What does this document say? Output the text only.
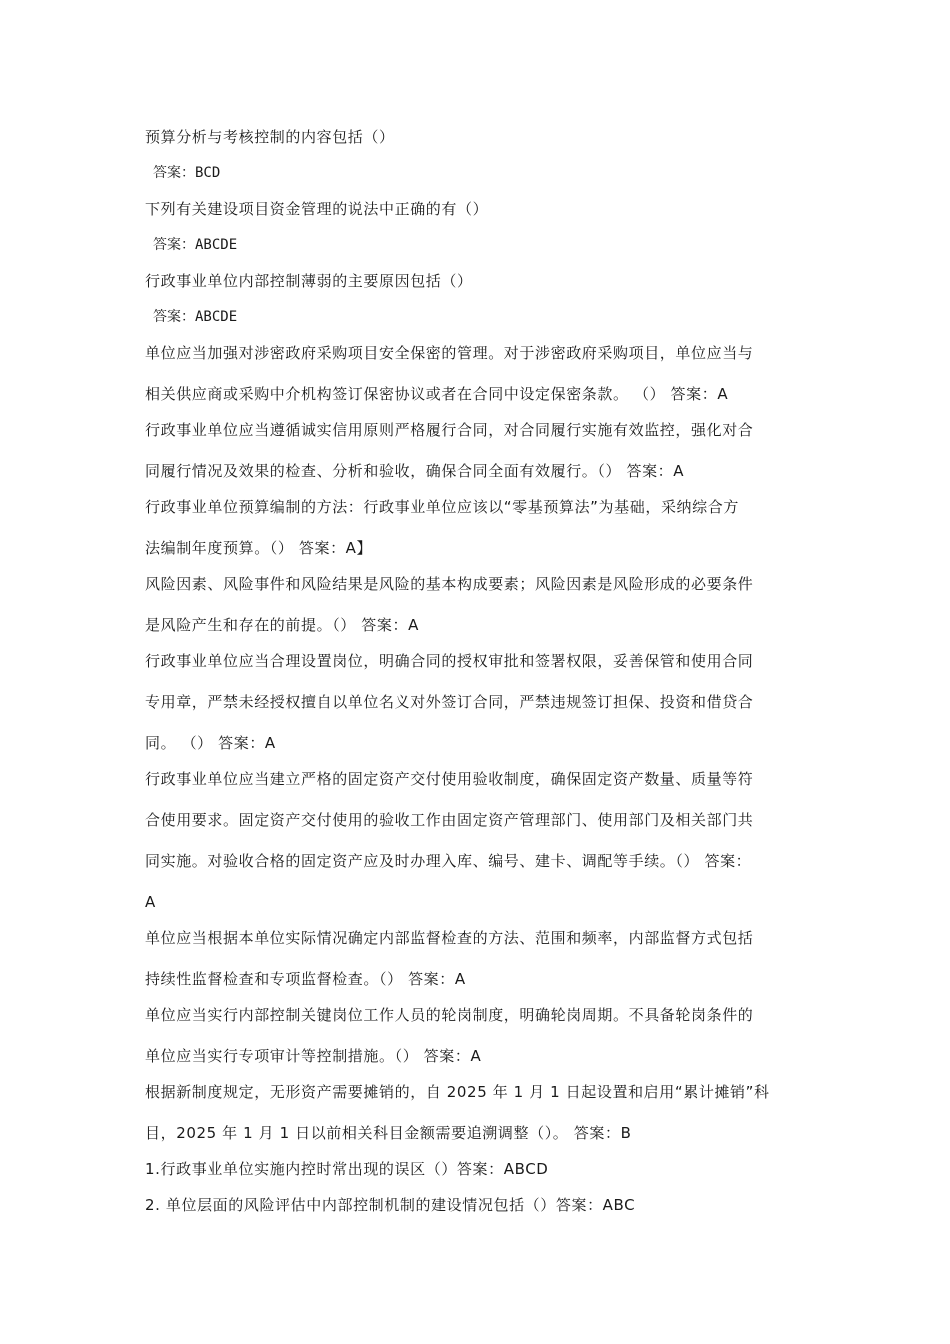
预算分析与考核控制的内容包括（）
答案：BCD
下列有关建设项目资金管理的说法中正确的有（）
答案：ABCDE
行政事业单位内部控制薄弱的主要原因包括（）
答案：ABCDE
单位应当加强对涉密政府采购项目安全保密的管理。对于涉密政府采购项目，单位应当与
相关供应商或采购中介机构签订保密协议或者在合同中设定保密条款。 （） 答案：A
行政事业单位应当遵循诚实信用原则严格履行合同，对合同履行实施有效监控，强化对合
同履行情况及效果的检查、分析和验收，确保合同全面有效履行。（） 答案：A
行政事业单位预算编制的方法：行政事业单位应该以“零基预算法”为基础，采纳综合方
法编制年度预算。（） 答案：A】
风险因素、风险事件和风险结果是风险的基本构成要素；风险因素是风险形成的必要条件
是风险产生和存在的前提。（） 答案：A
行政事业单位应当合理设置岗位，明确合同的授权审批和签署权限，妥善保管和使用合同
专用章，严禁未经授权擅自以单位名义对外签订合同，严禁违规签订担保、投资和借贷合
同。 （） 答案：A
行政事业单位应当建立严格的固定资产交付使用验收制度，确保固定资产数量、质量等符
合使用要求。固定资产交付使用的验收工作由固定资产管理部门、使用部门及相关部门共
同实施。对验收合格的固定资产应及时办理入库、编号、建卡、调配等手续。（） 答案：
A
单位应当根据本单位实际情况确定内部监督检查的方法、范围和频率，内部监督方式包括
持续性监督检查和专项监督检查。（） 答案：A
单位应当实行内部控制关键岗位工作人员的轮岗制度，明确轮岗周期。不具备轮岗条件的
单位应当实行专项审计等控制措施。（） 答案：A
根据新制度规定，无形资产需要摊销的，自 2025 年 1 月 1 日起设置和启用“累计摊销”科
目，2025 年 1 月 1 日以前相关科目金额需要追溯调整（）。 答案：B
1.行政事业单位实施内控时常出现的误区（）答案：ABCD
2. 单位层面的风险评估中内部控制机制的建设情况包括（）答案：ABC
